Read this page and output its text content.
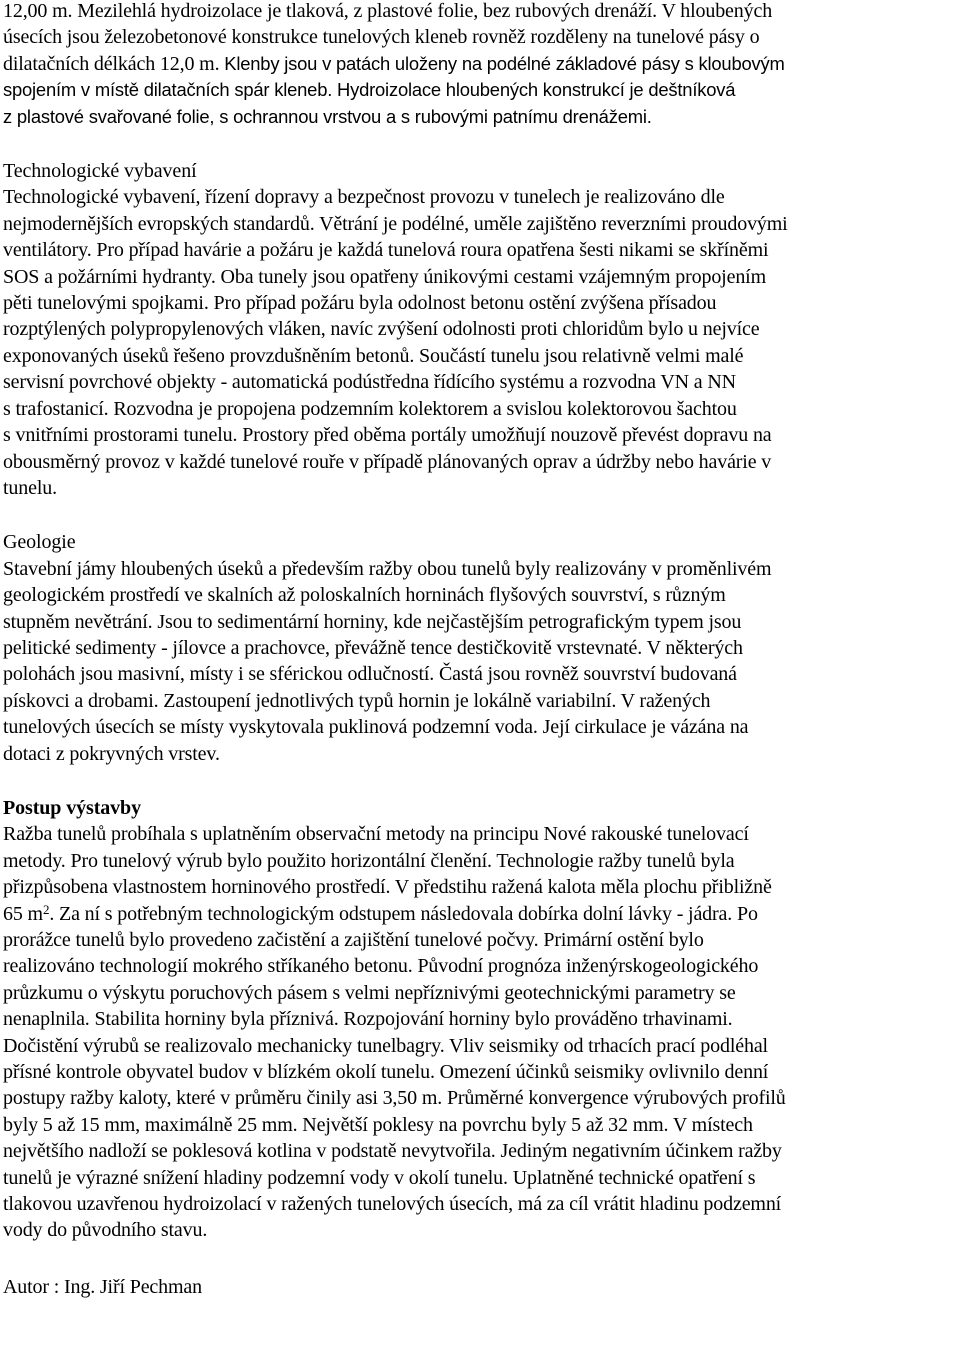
12,00 m. Mezilehlá hydroizolace je tlaková, z plastové folie, bez rubových drenáží. V hloubených
úsecích jsou železobetonové konstrukce tunelových kleneb rovněž rozděleny na tunelové pásy o
dilatačních délkách 12,0 m. Klenby jsou v patách uloženy na podélné základové pásy s kloubovým
spojením v místě dilatačních spár kleneb. Hydroizolace hloubených konstrukcí je deštníková
z plastové svařované folie, s ochrannou vrstvou a s rubovými patnímu drenážemi.

Technologické vybavení

Technologické vybavení, řízení dopravy a bezpečnost provozu v tunelech je realizováno dle
nejmodernějších evropských standardů. Větrání je podélné, uměle zajištěno reverzními proudovými
ventilátory. Pro případ havárie a požáru je každá tunelová roura opatřena šesti nikami se skříněmi
SOS a požárními hydranty. Oba tunely jsou opatřeny únikovými cestami vzájemným propojením
pěti tunelovými spojkami. Pro případ požáru byla odolnost betonu ostění zvýšena přísadou
rozptýlených polypropylenových vláken, navíc zvýšení odolnosti proti chloridům bylo u nejvíce
exponovaných úseků řešeno provzdušněním betonů. Součástí tunelu jsou relativně velmi malé
servisní povrchové objekty - automatická podústředna řídícího systému a rozvodna VN a NN
s trafostanicí. Rozvodna je propojena podzemním kolektorem a svislou kolektorovou šachtou
s vnitřními prostorami tunelu. Prostory před oběma portály umožňují nouzově převést dopravu na
obousměrný provoz v každé tunelové rouře v případě plánovaných oprav a údržby nebo havárie v
tunelu.

Geologie

Stavební jámy hloubených úseků a především ražby obou tunelů byly realizovány v proměnlivém
geologickém prostředí ve skalních až poloskalních horninách flyšových souvrství, s různým
stupněm nevětrání. Jsou to sedimentární horniny, kde nejčastějším petrografickým typem jsou
pelitické sedimenty - jílovce a prachovce, převážně tence destičkovitě vrstevnaté. V některých
polohách jsou masivní, místy i se sférickou odlučností. Častá jsou rovněž souvrství budovaná
pískovci a drobami. Zastoupení jednotlivých typů hornin je lokálně variabilní. V ražených
tunelových úsecích se místy vyskytovala puklinová podzemní voda. Její cirkulace je vázána na
dotaci z pokryvných vrstev.

Postup výstavby

Ražba tunelů probíhala s uplatněním observační metody na principu Nové rakouské tunelovací
metody. Pro tunelový výrub bylo použito horizontální členění. Technologie ražby tunelů byla
přizpůsobena vlastnostem horninového prostředí. V předstihu ražená kalota měla plochu přibližně
65 $m^2$. Za ní s potřebným technologickým odstupem následovala dobírka dolní lávky - jádra. Po
prorážce tunelů bylo provedeno začistění a zajištění tunelové počvy. Primární ostění bylo
realizováno technologií mokrého stříkaného betonu. Původní prognóza inženýrskogeologického
průzkumu o výskytu poruchových pásem s velmi nepříznivými geotechnickými parametry se
nenaplnila. Stabilita horniny byla příznivá. Rozpojování horniny bylo prováděno trhavinami.
Dočistění výrubů se realizovalo mechanicky tunelbagry. Vliv seismiky od trhacích prací podléhal
přísné kontrole obyvatel budov v blízkém okolí tunelu. Omezení účinků seismiky ovlivnilo denní
postupy ražby kaloty, které v průměru činily asi 3,50 m. Průměrné konvergence výrubových profilů
byly 5 až 15 mm, maximálně 25 mm. Největší poklesy na povrchu byly 5 až 32 mm. V místech
největšího nadloží se poklesová kotlina v podstatě nevytvořila. Jediným negativním účinkem ražby
tunelů je výrazné snížení hladiny podzemní vody v okolí tunelu. Uplatněné technické opatření s
tlakovou uzavřenou hydroizolací v ražených tunelových úsecích, má za cíl vrátit hladinu podzemní
vody do původního stavu.

Autor : Ing. Jiří Pechman
